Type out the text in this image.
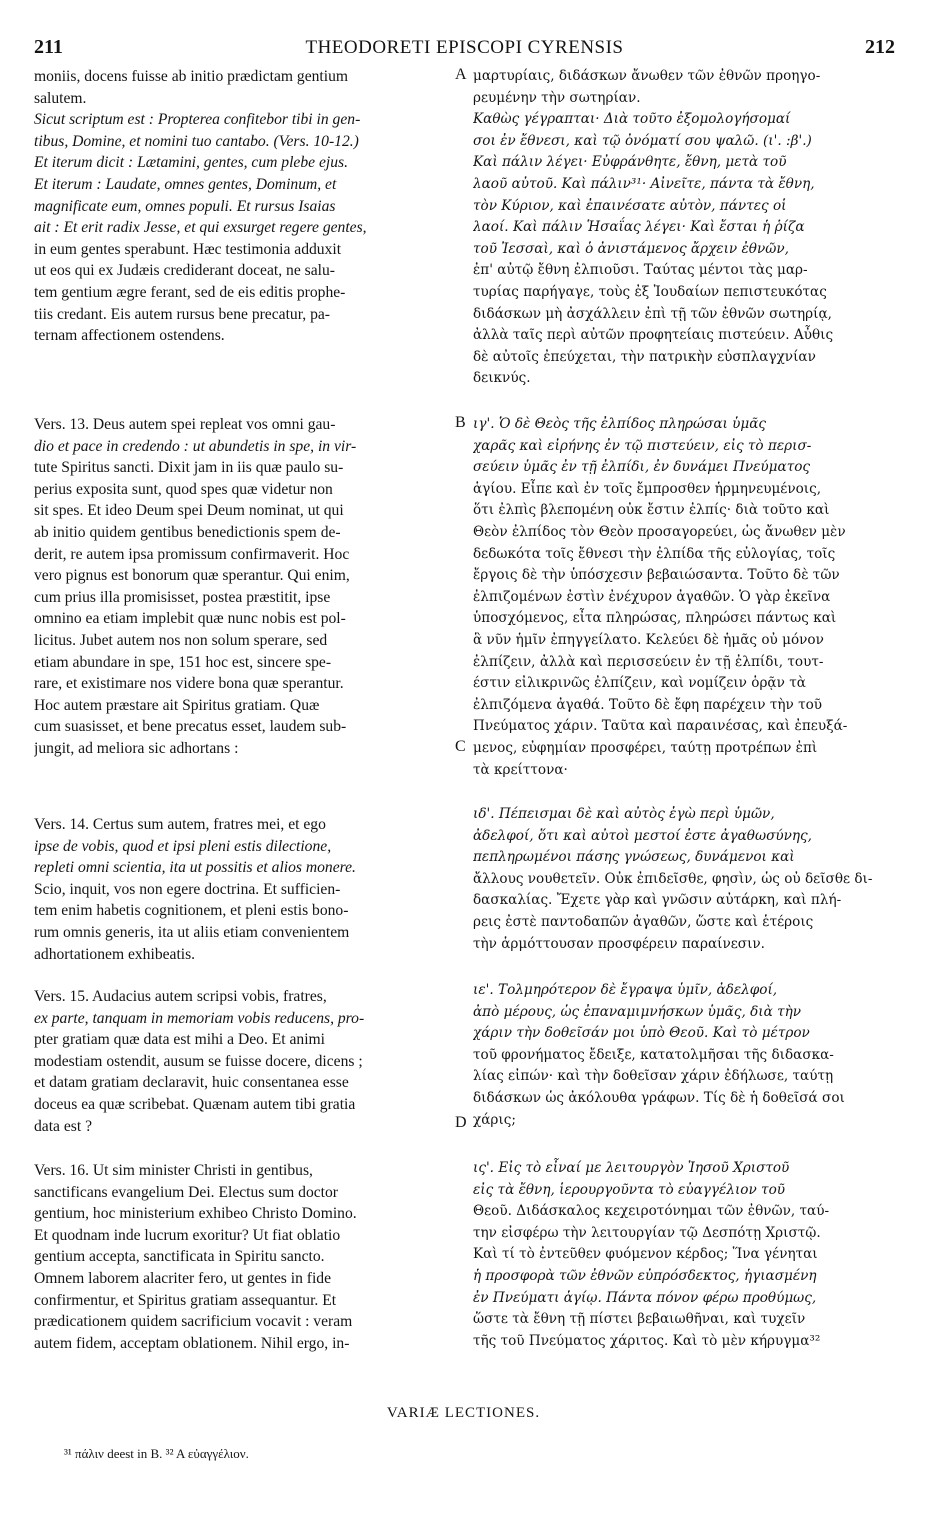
211	THEODORETI EPISCOPI CYRENSIS	212
moniis, docens fuisse ab initio prædictam gentium
salutem.
Sicut scriptum est : Propterea confitebor tibi in gen-
tibus, Domine, et nomini tuo cantabo. (Vers. 10-12.)
Et iterum dicit : Lætamini, gentes, cum plebe ejus.
Et iterum : Laudate, omnes gentes, Dominum, et
magnificate eum, omnes populi. Et rursus Isaias
ait : Et erit radix Jesse, et qui exsurget regere gentes,
in eum gentes sperabunt. Hæc testimonia adduxit
ut eos qui ex Judæis crediderant doceat, ne salu-
tem gentium ægre ferant, sed de eis editis prophe-
tiis credant. Eis autem rursus bene precatur, pa-
ternam affectionem ostendens.
Vers. 13. Deus autem spei repleat vos omni gau-
dio et pace in credendo : ut abundetis in spe, in vir-
tute Spiritus sancti. Dixit jam in iis quæ paulo su-
perius exposita sunt, quod spes quæ videtur non
sit spes. Et ideo Deum spei Deum nominat, ut qui
ab initio quidem gentibus benedictionis spem de-
derit, re autem ipsa promissum confirmaverit. Hoc
vero pignus est bonorum quæ sperantur. Qui enim,
cum prius illa promisisset, postea præstitit, ipse
omnino ea etiam implebit quæ nunc nobis est pol-
licitus. Jubet autem nos non solum sperare, sed
etiam abundare in spe, 151 hoc est, sincere spe-
rare, et existimare nos videre bona quæ sperantur.
Hoc autem præstare ait Spiritus gratiam. Quæ
cum suasisset, et bene precatus esset, laudem sub-
jungit, ad meliora sic adhortans :
Vers. 14. Certus sum autem, fratres mei, et ego
ipse de vobis, quod et ipsi pleni estis dilectione,
repleti omni scientia, ita ut possitis et alios monere.
Scio, inquit, vos non egere doctrina. Et sufficien-
tem enim habetis cognitionem, et pleni estis bono-
rum omnis generis, ita ut aliis etiam convenientem
adhortationem exhibeatis.
Vers. 15. Audacius autem scripsi vobis, fratres,
ex parte, tanquam in memoriam vobis reducens, pro-
pter gratiam quæ data est mihi a Deo. Et animi
modestiam ostendit, ausum se fuisse docere, dicens ;
et datam gratiam declaravit, huic consentanea esse
doceus ea quæ scribebat. Quænam autem tibi gratia
data est ?
Vers. 16. Ut sim minister Christi in gentibus,
sanctificans evangelium Dei. Electus sum doctor
gentium, hoc ministerium exhibeo Christo Domino.
Et quodnam inde lucrum exoritur? Ut fiat oblatio
gentium accepta, sanctificata in Spiritu sancto.
Omnem laborem alacriter fero, ut gentes in fide
confirmentur, et Spiritus gratiam assequantur. Et
prædicationem quidem sacrificium vocavit : veram
autem fidem, acceptam oblationem. Nihil ergo, in-
A
B
C
D
μαρτυρίαις, διδάσκων ἄνωθεν τῶν ἐθνῶν προηγο-
ρευμένην τὴν σωτηρίαν.
Καθὼς γέγραπται· Διὰ τοῦτο ἐξομολογήσομαί
σοι ἐν ἔθνεσι, καὶ τῷ ὀνόματί σου ψαλῶ. (ι'. :β'.)
Καὶ πάλιν λέγει· Εὐφράνθητε, ἔθνη, μετὰ τοῦ
λαοῦ αὐτοῦ. Καὶ πάλιν³¹· Αἰνεῖτε, πάντα τὰ ἔθνη,
τὸν Κύριον, καὶ ἐπαινέσατε αὐτὸν, πάντες οἱ
λαοί. Καὶ πάλιν Ἡσαΐας λέγει· Καὶ ἔσται ἡ ῥίζα
τοῦ Ἰεσσαὶ, καὶ ὁ ἀνιστάμενος ἄρχειν ἐθνῶν,
ἐπ' αὐτῷ ἔθνη ἐλπιοῦσι. Ταύτας μέντοι τὰς μαρ-
τυρίας παρήγαγε, τοὺς ἐξ Ἰουδαίων πεπιστευκότας
διδάσκων μὴ ἀσχάλλειν ἐπὶ τῇ τῶν ἐθνῶν σωτηρίᾳ,
ἀλλὰ ταῖς περὶ αὐτῶν προφητείαις πιστεύειν. Αὖθις
δὲ αὐτοῖς ἐπεύχεται, τὴν πατρικὴν εὐσπλαγχνίαν
δεικνύς.
ιγ'. Ὁ δὲ Θεὸς τῆς ἐλπίδος πληρώσαι ὑμᾶς
χαρᾶς καὶ εἰρήνης ἐν τῷ πιστεύειν, εἰς τὸ περισ-
σεύειν ὑμᾶς ἐν τῇ ἐλπίδι, ἐν δυνάμει Πνεύματος
ἁγίου. Εἶπε καὶ ἐν τοῖς ἔμπροσθεν ἡρμηνευμένοις,
ὅτι ἐλπὶς βλεπομένη οὐκ ἔστιν ἐλπίς· διὰ τοῦτο καὶ
Θεὸν ἐλπίδος τὸν Θεὸν προσαγορεύει, ὡς ἄνωθεν μὲν
δεδωκότα τοῖς ἔθνεσι τὴν ἐλπίδα τῆς εὐλογίας, τοῖς
ἔργοις δὲ τὴν ὑπόσχεσιν βεβαιώσαντα. Τοῦτο δὲ τῶν
ἐλπιζομένων ἐστὶν ἐνέχυρον ἀγαθῶν. Ὁ γὰρ ἐκεῖνα
ὑποσχόμενος, εἶτα πληρώσας, πληρώσει πάντως καὶ
ἃ νῦν ἡμῖν ἐπηγγείλατο. Κελεύει δὲ ἡμᾶς οὐ μόνον
ἐλπίζειν, ἀλλὰ καὶ περισσεύειν ἐν τῇ ἐλπίδι, τουτ-
έστιν εἰλικρινῶς ἐλπίζειν, καὶ νομίζειν ὁρᾷν τὰ
ἐλπιζόμενα ἀγαθά. Τοῦτο δὲ ἔφη παρέχειν τὴν τοῦ
Πνεύματος χάριν. Ταῦτα καὶ παραινέσας, καὶ ἐπευξά-
μενος, εὐφημίαν προσφέρει, ταύτῃ προτρέπων ἐπὶ
τὰ κρείττονα·
ιδ'. Πέπεισμαι δὲ καὶ αὐτὸς ἐγὼ περὶ ὑμῶν,
ἀδελφοί, ὅτι καὶ αὐτοὶ μεστοί ἐστε ἀγαθωσύνης,
πεπληρωμένοι πάσης γνώσεως, δυνάμενοι καὶ
ἄλλους νουθετεῖν. Οὐκ ἐπιδεῖσθε, φησὶν, ὡς οὐ δεῖσθε δι-
δασκαλίας. Ἔχετε γὰρ καὶ γνῶσιν αὐτάρκη, καὶ πλή-
ρεις ἐστὲ παντοδαπῶν ἀγαθῶν, ὥστε καὶ ἑτέροις
τὴν ἁρμόττουσαν προσφέρειν παραίνεσιν.
ιε'. Τολμηρότερον δὲ ἔγραψα ὑμῖν, ἀδελφοί,
ἀπὸ μέρους, ὡς ἐπαναμιμνήσκων ὑμᾶς, διὰ τὴν
χάριν τὴν δοθεῖσάν μοι ὑπὸ Θεοῦ. Καὶ τὸ μέτρον
τοῦ φρονήματος ἔδειξε, κατατολμῆσαι τῆς διδασκα-
λίας εἰπών· καὶ τὴν δοθεῖσαν χάριν ἐδήλωσε, ταύτῃ
διδάσκων ὡς ἀκόλουθα γράφων. Τίς δὲ ἡ δοθεῖσά σοι
χάρις;
ις'. Εἰς τὸ εἶναί με λειτουργὸν Ἰησοῦ Χριστοῦ
εἰς τὰ ἔθνη, ἱερουργοῦντα τὸ εὐαγγέλιον τοῦ
Θεοῦ. Διδάσκαλος κεχειροτόνημαι τῶν ἐθνῶν, ταύ-
την εἰσφέρω τὴν λειτουργίαν τῷ Δεσπότῃ Χριστῷ.
Καὶ τί τὸ ἐντεῦθεν φυόμενον κέρδος; Ἵνα γένηται
ἡ προσφορὰ τῶν ἐθνῶν εὐπρόσδεκτος, ἡγιασμένη
ἐν Πνεύματι ἁγίῳ. Πάντα πόνον φέρω προθύμως,
ὥστε τὰ ἔθνη τῇ πίστει βεβαιωθῆναι, καὶ τυχεῖν
τῆς τοῦ Πνεύματος χάριτος. Καὶ τὸ μὲν κήρυγμα³²
VARIÆ LECTIONES.
³¹ πάλιν deest in B. ³² A εὐαγγέλιον.
